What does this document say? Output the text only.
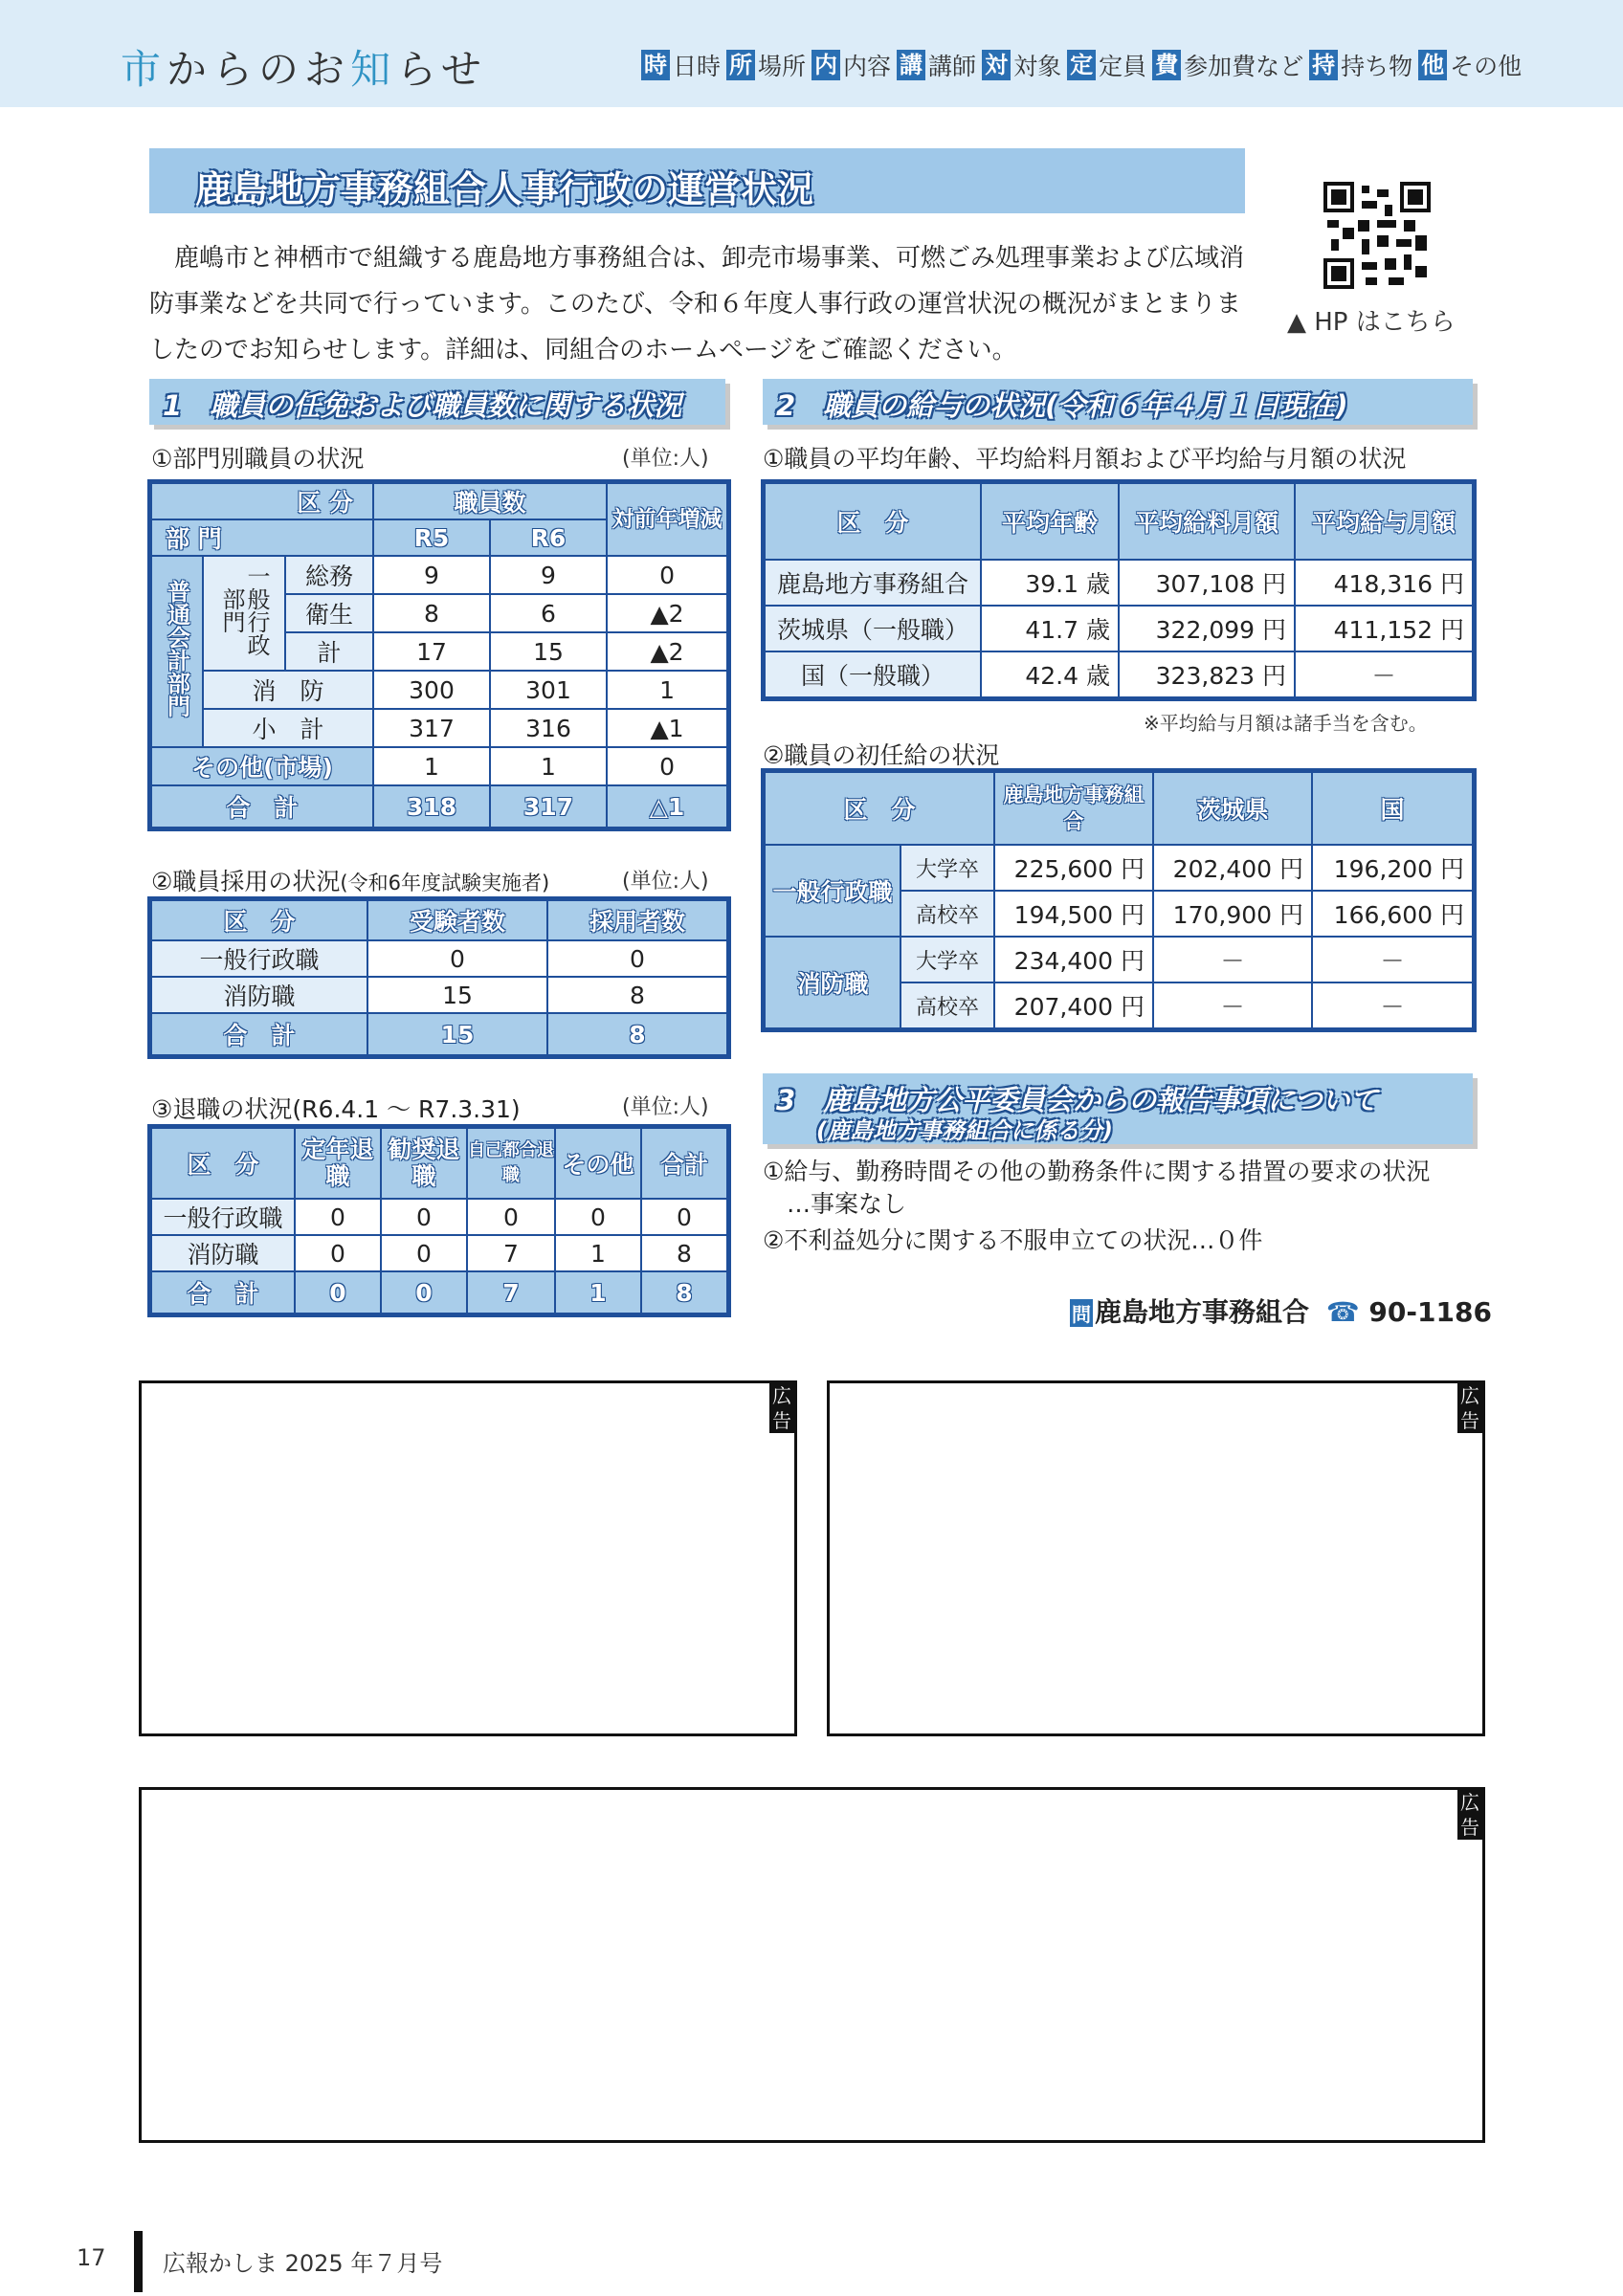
市からのお知らせ	時 日時 所 場所 内 内容 講 講師 対 対象 定 定員 費 参加費など 持 持ち物 他 その他
鹿島地方事務組合人事行政の運営状況
鹿嶋市と神栖市で組織する鹿島地方事務組合は、卸売市場事業、可燃ごみ処理事業および広域消防事業などを共同で行っています。このたび、令和６年度人事行政の運営状況の概況がまとまりましたのでお知らせします。詳細は、同組合のホームページをご確認ください。
▲ HP はこちら
1　職員の任免および職員数に関する状況
①部門別職員の状況	(単位:人)
区 分			職員数		対前年増減
部 門			R5	R6	
普通会計部門	一般行政部門	総務	9	9	0
		衛生	8	6	▲2
		計	17	15	▲2
	消　防		300	301	1
	小　計		317	316	▲1
その他(市場)			1	1	0
合　計			318	317	△1
②職員採用の状況(令和6年度試験実施者)	(単位:人)
区　分	受験者数	採用者数
一般行政職	0	0
消防職	15	8
合　計	15	8
③退職の状況(R6.4.1 ～ R7.3.31)	(単位:人)
区　分	定年退職	勧奨退職	自己都合退職	その他	合計
一般行政職	0	0	0	0	0
消防職	0	0	7	1	8
合　計	0	0	7	1	8
2　職員の給与の状況(令和６年４月１日現在)
①職員の平均年齢、平均給料月額および平均給与月額の状況
区　分	平均年齢	平均給料月額	平均給与月額
鹿島地方事務組合	39.1 歳	307,108 円	418,316 円
茨城県（一般職）	41.7 歳	322,099 円	411,152 円
国（一般職）	42.4 歳	323,823 円	－
※平均給与月額は諸手当を含む。
②職員の初任給の状況
区　分		鹿島地方事務組合	茨城県	国
一般行政職	大学卒	225,600 円	202,400 円	196,200 円
	高校卒	194,500 円	170,900 円	166,600 円
消防職	大学卒	234,400 円	－	－
	高校卒	207,400 円	－	－
3　鹿島地方公平委員会からの報告事項について
(鹿島地方事務組合に係る分)
①給与、勤務時間その他の勤務条件に関する措置の要求の状況
…事案なし
②不利益処分に関する不服申立ての状況…０件
問 鹿島地方事務組合 ☎ 90-1186
広告
広告
広告
17 広報かしま 2025 年７月号
